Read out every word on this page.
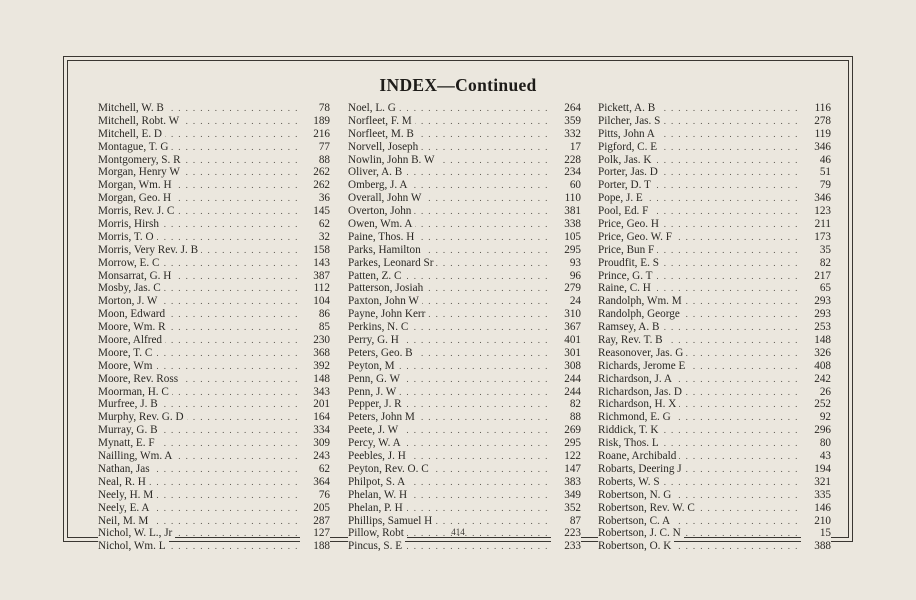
INDEX—Continued
. . .
Mitchell, W. B	78
. . .
Mitchell, Robt. W	189
. . .
Mitchell, E. D	216
. . .
Montague, T. G	77
. . .
Montgomery, S. R	88
. . .
Morgan, Henry W	262
. . .
Morgan, Wm. H	262
. . .
Morgan, Geo. H	36
. . .
Morris, Rev. J. C	145
. . .
Morris, Hirsh	62
. . .
Morris, T. O	32
. . .
Morris, Very Rev. J. B	158
. . .
Morrow, E. C	143
. . .
Monsarrat, G. H	387
. . .
Mosby, Jas. C	112
. . .
Morton, J. W	104
. . .
Moon, Edward	86
. . .
Moore, Wm. R	85
. . .
Moore, Alfred	230
. . .
Moore, T. C	368
. . .
Moore, Wm	392
. . .
Moore, Rev. Ross	148
. . .
Moorman, H. C	343
. . .
Murfree, J. B	201
. . .
Murphy, Rev. G. D	164
. . .
Murray, G. B	334
. . .
Mynatt, E. F	309
. . .
Nailling, Wm. A	243
. . .
Nathan, Jas	62
. . .
Neal, R. H	364
. . .
Neely, H. M	76
. . .
Neely, E. A	205
. . .
Neil, M. M	287
. . .
Nichol, W. L., Jr	127
. . .
Nichol, Wm. L	188
. . .
Noel, L. G	264
. . .
Norfleet, F. M	359
. . .
Norfleet, M. B	332
. . .
Norvell, Joseph	17
. . .
Nowlin, John B. W	228
. . .
Oliver, A. B	234
. . .
Omberg, J. A	60
. . .
Overall, John W	110
. . .
Overton, John	381
. . .
Owen, Wm. A	338
. . .
Paine, Thos. H	105
. . .
Parks, Hamilton	295
. . .
Parkes, Leonard Sr	93
. . .
Patten, Z. C	96
. . .
Patterson, Josiah	279
. . .
Paxton, John W	24
. . .
Payne, John Kerr	310
. . .
Perkins, N. C	367
. . .
Perry, G. H	401
. . .
Peters, Geo. B	301
. . .
Peyton, M	308
. . .
Penn, G. W	244
. . .
Penn, J. W	244
. . .
Pepper, J. R	82
. . .
Peters, John M	88
. . .
Peete, J. W	269
. . .
Percy, W. A	295
. . .
Peebles, J. H	122
. . .
Peyton, Rev. O. C	147
. . .
Philpot, S. A	383
. . .
Phelan, W. H	349
. . .
Phelan, P. H	352
. . .
Phillips, Samuel H	87
. . .
Pillow, Robt	223
. . .
Pincus, S. E	233
. . .
Pickett, A. B	116
. . .
Pilcher, Jas. S	278
. . .
Pitts, John A	119
. . .
Pigford, C. E	346
. . .
Polk, Jas. K	46
. . .
Porter, Jas. D	51
. . .
Porter, D. T	79
. . .
Pope, J. E	346
. . .
Pool, Ed. F	123
. . .
Price, Geo. H	211
. . .
Price, Geo. W. F	173
. . .
Price, Bun F	35
. . .
Proudfit, E. S	82
. . .
Prince, G. T	217
. . .
Raine, C. H	65
. . .
Randolph, Wm. M	293
. . .
Randolph, George	293
. . .
Ramsey, A. B	253
. . .
Ray, Rev. T. B	148
. . .
Reasonover, Jas. G	326
. . .
Richards, Jerome E	408
. . .
Richardson, J. A	242
. . .
Richardson, Jas. D	26
. . .
Richardson, H. X	252
. . .
Richmond, E. G	92
. . .
Riddick, T. K	296
. . .
Risk, Thos. L	80
. . .
Roane, Archibald	43
. . .
Robarts, Deering J	194
. . .
Roberts, W. S	321
. . .
Robertson, N. G	335
. . .
Robertson, Rev. W. C	146
. . .
Robertson, C. A	210
. . .
Robertson, J. C. N	15
. . .
Robertson, O. K	388
414
